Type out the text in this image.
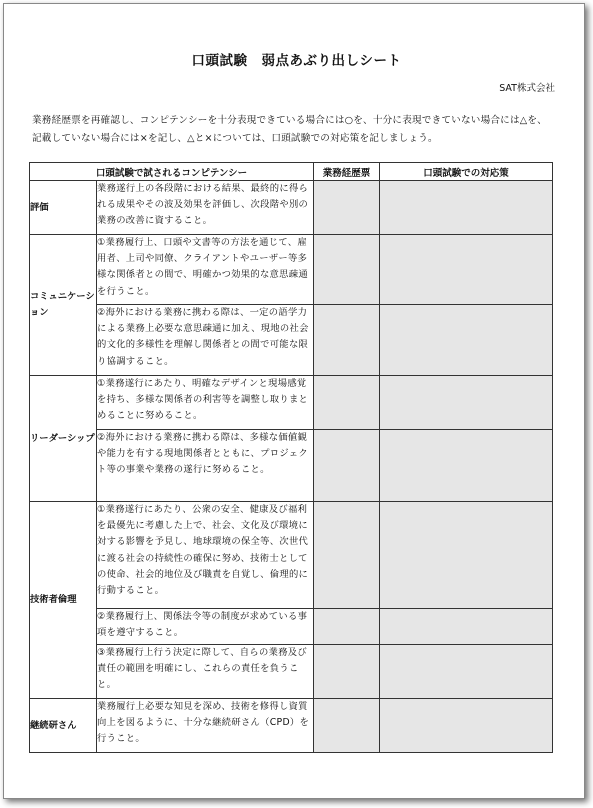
口頭試験　弱点あぶり出しシート
SAT株式会社
業務経歴票を再確認し、コンピテンシーを十分表現できている場合には○を、十分に表現できていない場合には△を、記載していない場合には×を記し、△と×については、口頭試験での対応策を記しましょう。
口頭試験で試されるコンピテンシー		業務経歴票	口頭試験での対応策
評価	業務遂行上の各段階における結果、最終的に得られる成果やその波及効果を評価し、次段階や別の業務の改善に資すること。		
コミュニケーション	①業務履行上、口頭や文書等の方法を通じて、雇用者、上司や同僚、クライアントやユーザー等多様な関係者との間で、明確かつ効果的な意思疎通を行うこと。		
	②海外における業務に携わる際は、一定の語学力による業務上必要な意思疎通に加え、現地の社会的文化的多様性を理解し関係者との間で可能な限り協調すること。		
リーダーシップ	①業務遂行にあたり、明確なデザインと現場感覚を持ち、多様な関係者の利害等を調整し取りまとめることに努めること。		
	②海外における業務に携わる際は、多様な価値観や能力を有する現地関係者とともに、プロジェクト等の事業や業務の遂行に努めること。		
技術者倫理	①業務遂行にあたり、公衆の安全、健康及び福利を最優先に考慮した上で、社会、文化及び環境に対する影響を予見し、地球環境の保全等、次世代に渡る社会の持続性の確保に努め、技術士としての使命、社会的地位及び職責を自覚し、倫理的に行動すること。		
	②業務履行上、関係法令等の制度が求めている事項を遵守すること。		
	③業務履行上行う決定に際して、自らの業務及び責任の範囲を明確にし、これらの責任を負うこと。		
継続研さん	業務履行上必要な知見を深め、技術を修得し資質向上を図るように、十分な継続研さん（CPD）を行うこと。		
